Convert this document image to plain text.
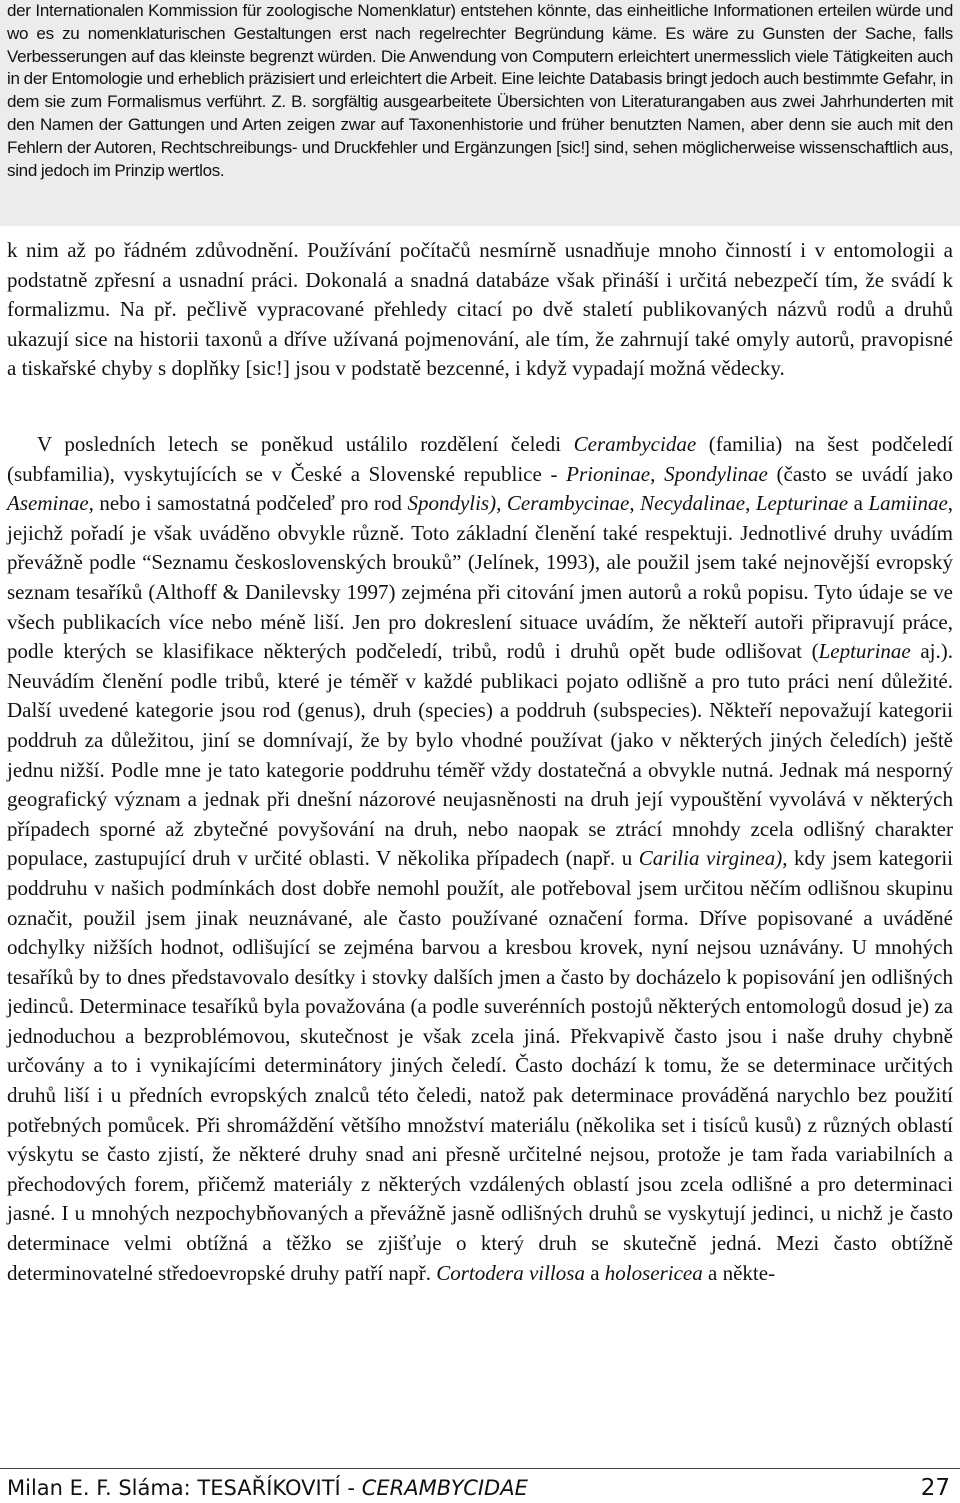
der Internationalen Kommission für zoologische Nomenklatur) entstehen könnte, das einheitliche Informationen erteilen würde und wo es zu nomenklaturischen Gestaltungen erst nach regelrechter Begründung käme. Es wäre zu Gunsten der Sache, falls Verbesserungen auf das kleinste begrenzt würden. Die Anwendung von Computern erleichtert unermesslich viele Tätigkeiten auch in der Entomologie und erheblich präzisiert und erleichtert die Arbeit. Eine leichte Databasis bringt jedoch auch bestimmte Gefahr, in dem sie zum Formalismus verführt. Z. B. sorgfältig ausgearbeitete Übersichten von Literaturangaben aus zwei Jahrhunderten mit den Namen der Gattungen und Arten zeigen zwar auf Taxonenhistorie und früher benutzten Namen, aber denn sie auch mit den Fehlern der Autoren, Rechtschreibungs- und Druckfehler und Ergänzungen [sic!] sind, sehen möglicherweise wissenschaftlich aus, sind jedoch im Prinzip wertlos.

k nim až po řádném zdůvodnění. Používání počítačů nesmírně usnadňuje mnoho činností i v entomologii a podstatně zpřesní a usnadní práci. Dokonalá a snadná databáze však přináší i určitá nebezpečí tím, že svádí k formalizmu. Na př. pečlivě vypracované přehledy citací po dvě staletí publikovaných názvů rodů a druhů ukazují sice na historii taxonů a dříve užívaná pojmenování, ale tím, že zahrnují také omyly autorů, pravopisné a tiskařské chyby s doplňky [sic!] jsou v podstatě bezcenné, i když vypadají možná vědecky.

V posledních letech se poněkud ustálilo rozdělení čeledi Cerambycidae (familia) na šest podčeledí (subfamilia), vyskytujících se v České a Slovenské republice - Prioninae, Spondylinae (často se uvádí jako Aseminae, nebo i samostatná podčeleď pro rod Spondylis), Cerambycinae, Necydalinae, Lepturinae a Lamiinae, jejichž pořadí je však uváděno obvykle různě. Toto základní členění také respektuji. Jednotlivé druhy uvádím převážně podle “Seznamu československých brouků” (Jelínek, 1993), ale použil jsem také nejnovější evropský seznam tesaříků (Althoff & Danilevsky 1997) zejména při citování jmen autorů a roků popisu. Tyto údaje se ve všech publikacích více nebo méně liší. Jen pro dokreslení situace uvádím, že někteří autoři připravují práce, podle kterých se klasifikace některých podčeledí, tribů, rodů i druhů opět bude odlišovat (Lepturinae aj.). Neuvádím členění podle tribů, které je téměř v každé publikaci pojato odlišně a pro tuto práci není důležité. Další uvedené kategorie jsou rod (genus), druh (species) a poddruh (subspecies). Někteří nepovažují kategorii poddruh za důležitou, jiní se domnívají, že by bylo vhodné používat (jako v některých jiných čeledích) ještě jednu nižší. Podle mne je tato kategorie poddruhu téměř vždy dostatečná a obvykle nutná. Jednak má nesporný geografický význam a jednak při dnešní názorové neujasněnosti na druh její vypouštění vyvolává v některých případech sporné až zbytečné povyšování na druh, nebo naopak se ztrácí mnohdy zcela odlišný charakter populace, zastupující druh v určité oblasti. V několika případech (např. u Carilia virginea), kdy jsem kategorii poddruhu v našich podmínkách dost dobře nemohl použít, ale potřeboval jsem určitou něčím odlišnou skupinu označit, použil jsem jinak neuznávané, ale často používané označení forma. Dříve popisované a uváděné odchylky nižších hodnot, odlišující se zejména barvou a kresbou krovek, nyní nejsou uznávány. U mnohých tesaříků by to dnes představovalo desítky i stovky dalších jmen a často by docházelo k popisování jen odlišných jedinců. Determinace tesaříků byla považována (a podle suverénních postojů některých entomologů dosud je) za jednoduchou a bezproblémovou, skutečnost je však zcela jiná. Překvapivě často jsou i naše druhy chybně určovány a to i vynikajícími determinátory jiných čeledí. Často dochází k tomu, že se determinace určitých druhů liší i u předních evropských znalců této čeledi, natož pak determinace prováděná narychlo bez použití potřebných pomůcek. Při shromáždění většího množství materiálu (několika set i tisíců kusů) z různých oblastí výskytu se často zjistí, že některé druhy snad ani přesně určitelné nejsou, protože je tam řada variabilních a přechodových forem, přičemž materiály z některých vzdálených oblastí jsou zcela odlišné a pro determinaci jasné. I u mnohých nezpochybňovaných a převážně jasně odlišných druhů se vyskytují jedinci, u nichž je často determinace velmi obtížná a těžko se zjišťuje o který druh se skutečně jedná. Mezi často obtížně determinovatelné středoevropské druhy patří např. Cortodera villosa a holosericea a někte-

Milan E. F. Sláma: TESAŘÍKOVITÍ - CERAMBYCIDAE	27
